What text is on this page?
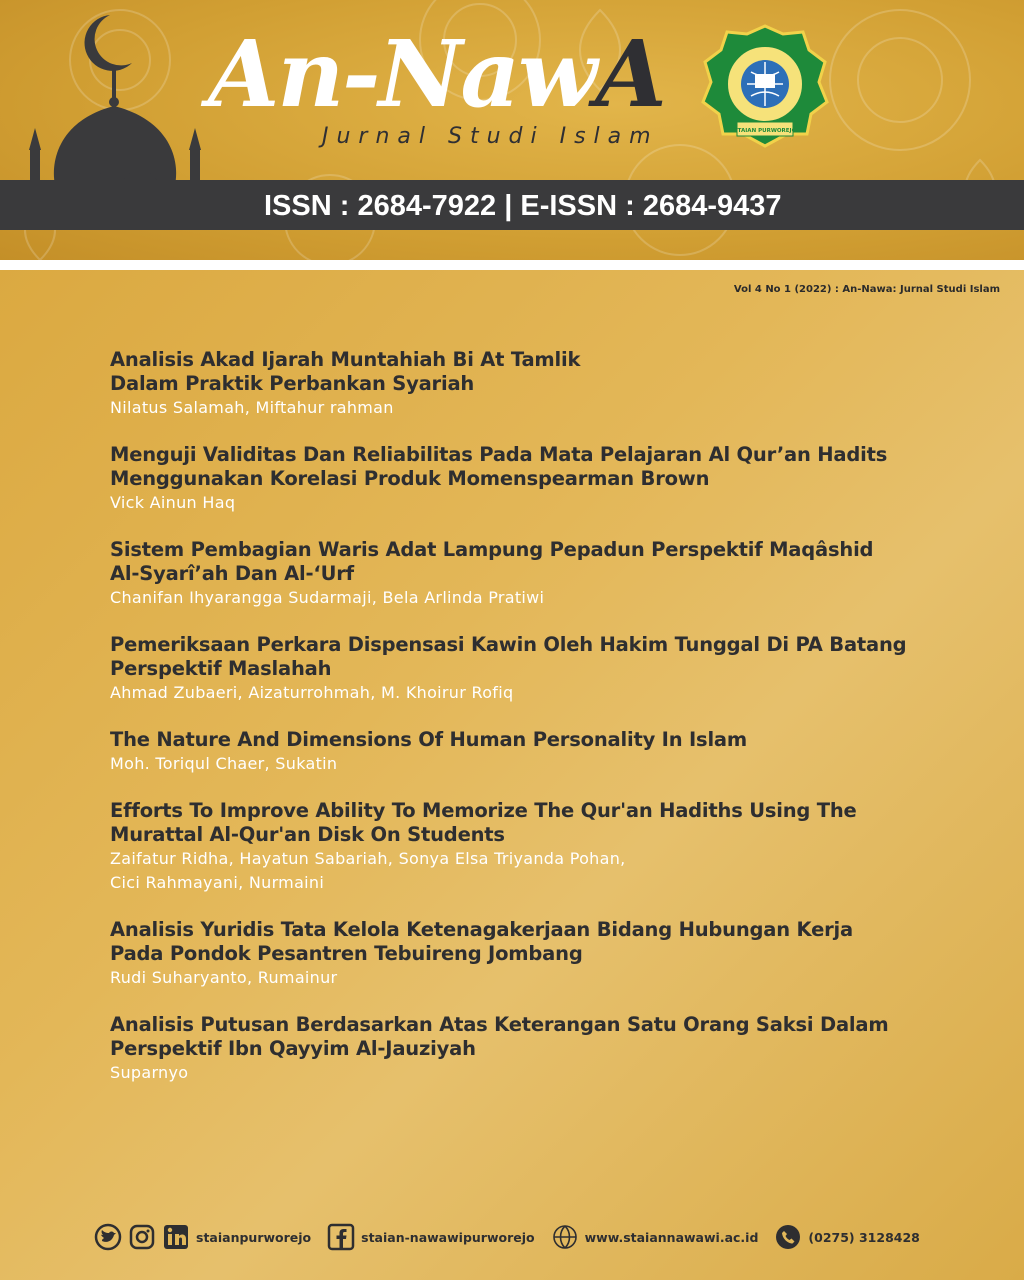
An-NawA
Jurnal Studi Islam	STAIAN PURWOREJO
ISSN : 2684-7922 | E-ISSN : 2684-9437
Vol 4 No 1 (2022) : An-Nawa: Jurnal Studi Islam
Analisis Akad Ijarah Muntahiah Bi At Tamlik
Dalam Praktik Perbankan Syariah
Nilatus Salamah, Miftahur rahman
Menguji Validitas Dan Reliabilitas Pada Mata Pelajaran Al Qur’an Hadits
Menggunakan Korelasi Produk Momenspearman Brown
Vick Ainun Haq
Sistem Pembagian Waris Adat Lampung Pepadun Perspektif Maqâshid
Al-Syarî’ah Dan Al-‘Urf
Chanifan Ihyarangga Sudarmaji, Bela Arlinda Pratiwi
Pemeriksaan Perkara Dispensasi Kawin Oleh Hakim Tunggal Di PA Batang
Perspektif Maslahah
Ahmad Zubaeri, Aizaturrohmah, M. Khoirur Rofiq
The Nature And Dimensions Of Human Personality In Islam
Moh. Toriqul Chaer, Sukatin
Efforts To Improve Ability To Memorize The Qur'an Hadiths Using The
Murattal Al-Qur'an Disk On Students
Zaifatur Ridha, Hayatun Sabariah, Sonya Elsa Triyanda Pohan,
Cici Rahmayani, Nurmaini
Analisis Yuridis Tata Kelola Ketenagakerjaan Bidang Hubungan Kerja
Pada Pondok Pesantren Tebuireng Jombang
Rudi Suharyanto, Rumainur
Analisis Putusan Berdasarkan Atas Keterangan Satu Orang Saksi Dalam
Perspektif Ibn Qayyim Al-Jauziyah
Suparnyo
staianpurworejo	staian-nawawipurworejo	www.staiannawawi.ac.id	(0275) 3128428
